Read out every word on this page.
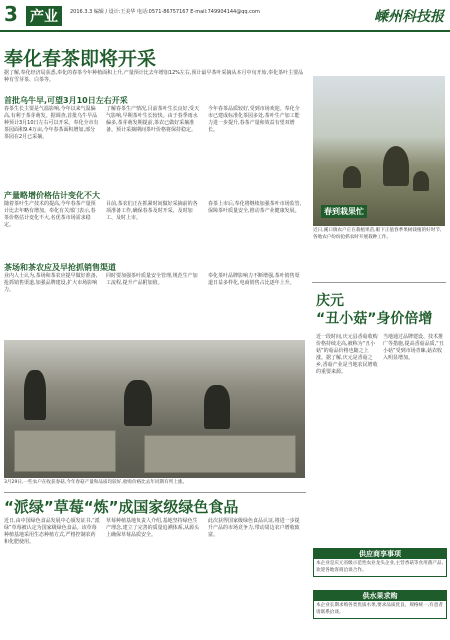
3 产业	2016.3.3 编辑 / 设计:王美华 电话:0571-86757167 E-mail:749904144@qq.com	嵊州科技报
奉化春茶即将开采
据了解,奉化经济局获悉,奉化的春茶今年种植面积上升,产量预计比去年增加12%左右,预计最早茶叶采摘从本月中旬开始,奉化茶叶主要品种有雪芽茶、白茶等。
首批乌牛早,可望3月10日左右开采
春茶生长主要是气温影响,今年以来气温偏高,有利于茶芽萌发。据调查,首批乌牛早品种预计3月10日左右可以开采。奉化全市有茶园面积9.4万亩,今年春茶面积增加,部分茶园在2月已采摘。
了解春茶生产情况,目前茶叶生长良好,受天气影响,早期茶叶生长较快。由于春季雨水偏多,茶芽萌发期提前,茶农已做好采摘准备。预计采摘期间茶叶价格将保持稳定。
今年春茶品质较好,受到市场欢迎。奉化全市已建成标准化茶园多处,茶叶生产加工能力进一步提升,春茶产量和效益有望双增长。
产量略增价格估计变化不大
随着茶叶生产技术的提高,今年春茶产量预计比去年略有增加。奉化有关部门表示,春茶价格估计变化不大,名优茶市场需求稳定。
目前,茶农们正在抓紧时间做好采摘前的各项准备工作,确保春茶及时开采、及时加工、及时上市。
春茶上市后,奉化将继续加强茶叶市场监管,保障茶叶质量安全,推动茶产业健康发展。
茶场和茶农应及早抢抓销售渠道
业内人士认为,茶场和茶农应提早做好准备,抢抓销售渠道,加强品牌建设,扩大市场影响力。
同时要加强茶叶质量安全管理,规范生产加工流程,提升产品附加值。
奉化茶叶品牌影响力不断增强,茶叶销售渠道日益多样化,电商销售占比逐年上升。
春到栽果忙
近日,溪口镇农户正在栽植果苗,眼下正值春季果树栽植的好时节,各地农户纷纷抢抓农时开展栽种工作。
庆元
“丑小菇”身价倍增
近一段时间,庆元县香菇收购价格持续走高,被称为“丑小菇”的菇品价格也随之上涨。据了解,庆元是香菇之乡,香菇产业是当地农民增收的重要来源。
当地通过品牌建设、技术推广等措施,提高香菇品质,“丑小菇”受到市场青睐,菇农收入明显增加。
3月29日,一些农户在收获春菇,今年春菇产量和品质均较好,收购价格比去年同期有所上涨。
“派绿”草莓“炼”成国家级绿色食品
近日,由中国绿色食品发展中心颁发证书,“派绿”草莓被认定为国家级绿色食品。该草莓种植基地采用生态种植方式,严格控制农药和化肥使用。
草莓种植基地负责人介绍,基地坚持绿色生产理念,建立了完善的质量追溯体系,从源头上确保草莓品质安全。
此次获得国家级绿色食品认证,将进一步提升产品的市场竞争力,带动周边农户增收致富。
供应商享事项
本企业是庆元省级示范性农业龙头企业,主营香菇等食用菌产品,欢迎各地客商洽谈合作。
供水果求购
本企业长期求购各类优质水果,要求品质优良、规格统一,有意者请联系洽谈。
